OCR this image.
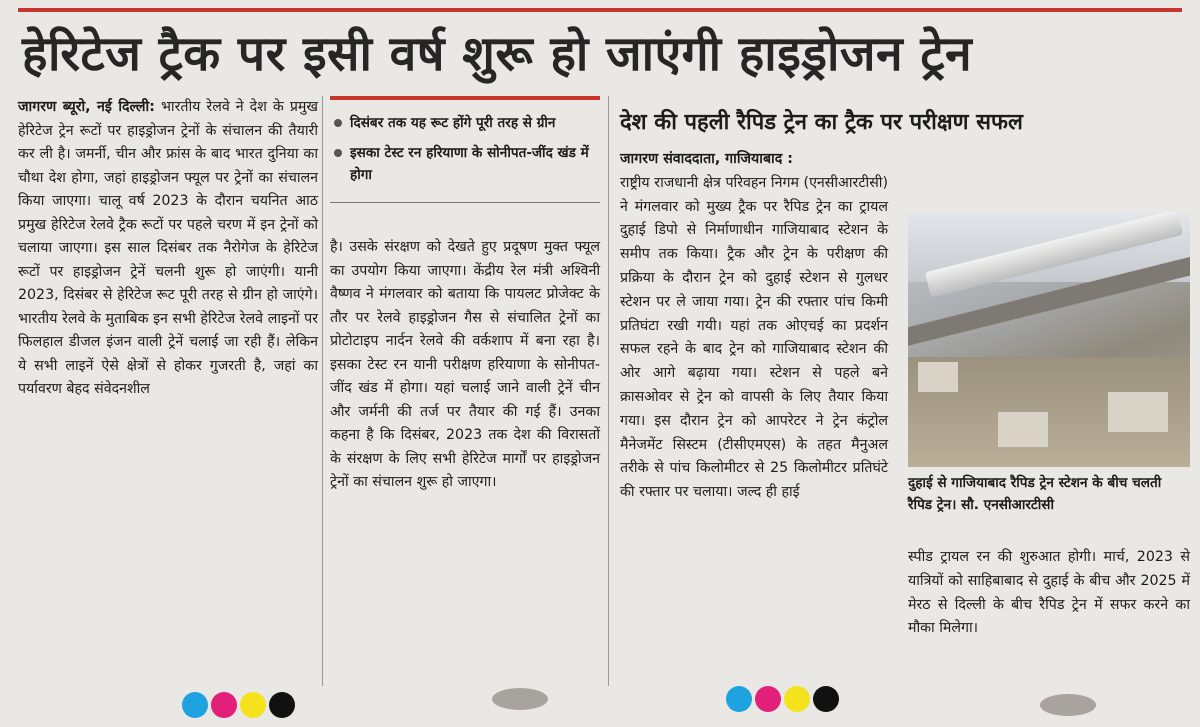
हेरिटेज ट्रैक पर इसी वर्ष शुरू हो जाएंगी हाइड्रोजन ट्रेन
जागरण ब्यूरो, नई दिल्ली: भारतीय रेलवे ने देश के प्रमुख हेरिटेज ट्रेन रूटों पर हाइड्रोजन ट्रेनों के संचालन की तैयारी कर ली है। जमर्नी, चीन और फ्रांस के बाद भारत दुनिया का चौथा देश होगा, जहां हाइड्रोजन फ्यूल पर ट्रेनों का संचालन किया जाएगा। चालू वर्ष 2023 के दौरान चयनित आठ प्रमुख हेरिटेज रेलवे ट्रैक रूटों पर पहले चरण में इन ट्रेनों को चलाया जाएगा। इस साल दिसंबर तक नैरोगेज के हेरिटेज रूटों पर हाइड्रोजन ट्रेनें चलनी शुरू हो जाएंगी। यानी 2023, दिसंबर से हेरिटेज रूट पूरी तरह से ग्रीन हो जाएंगे। भारतीय रेलवे के मुताबिक इन सभी हेरिटेज रेलवे लाइनों पर फिलहाल डीजल इंजन वाली ट्रेनें चलाई जा रही हैं। लेकिन ये सभी लाइनें ऐसे क्षेत्रों से होकर गुजरती है, जहां का पर्यावरण बेहद संवेदनशील
दिसंबर तक यह रूट होंगे पूरी तरह से ग्रीन
इसका टेस्ट रन हरियाणा के सोनीपत-जींद खंड में होगा
है। उसके संरक्षण को देखते हुए प्रदूषण मुक्त फ्यूल का उपयोग किया जाएगा। केंद्रीय रेल मंत्री अश्विनी वैष्णव ने मंगलवार को बताया कि पायलट प्रोजेक्ट के तौर पर रेलवे हाइड्रोजन गैस से संचालित ट्रेनों का प्रोटोटाइप नार्दन रेलवे की वर्कशाप में बना रहा है। इसका टेस्ट रन यानी परीक्षण हरियाणा के सोनीपत-जींद खंड में होगा। यहां चलाई जाने वाली ट्रेनें चीन और जर्मनी की तर्ज पर तैयार की गई हैं। उनका कहना है कि दिसंबर, 2023 तक देश की विरासतों के संरक्षण के लिए सभी हेरिटेज मार्गों पर हाइड्रोजन ट्रेनों का संचालन शुरू हो जाएगा।
देश की पहली रैपिड ट्रेन का ट्रैक पर परीक्षण सफल
जागरण संवाददाता, गाजियाबाद :
राष्ट्रीय राजधानी क्षेत्र परिवहन निगम (एनसीआरटीसी) ने मंगलवार को मुख्य ट्रैक पर रैपिड ट्रेन का ट्रायल दुहाई डिपो से निर्माणाधीन गाजियाबाद स्टेशन के समीप तक किया। ट्रैक और ट्रेन के परीक्षण की प्रक्रिया के दौरान ट्रेन को दुहाई स्टेशन से गुलधर स्टेशन पर ले जाया गया। ट्रेन की रफ्तार पांच किमी प्रतिघंटा रखी गयी। यहां तक ओएचई का प्रदर्शन सफल रहने के बाद ट्रेन को गाजियाबाद स्टेशन की ओर आगे बढ़ाया गया। स्टेशन से पहले बने क्रासओवर से ट्रेन को वापसी के लिए तैयार किया गया। इस दौरान ट्रेन को आपरेटर ने ट्रेन कंट्रोल मैनेजमेंट सिस्टम (टीसीएमएस) के तहत मैनुअल तरीके से पांच किलोमीटर से 25 किलोमीटर प्रतिघंटे की रफ्तार पर चलाया। जल्द ही हाई
दुहाई से गाजियाबाद रैपिड ट्रेन स्टेशन के बीच चलती रैपिड ट्रेन। सौ. एनसीआरटीसी
स्पीड ट्रायल रन की शुरुआत होगी। मार्च, 2023 से यात्रियों को साहिबाबाद से दुहाई के बीच और 2025 में मेरठ से दिल्ली के बीच रैपिड ट्रेन में सफर करने का मौका मिलेगा।
